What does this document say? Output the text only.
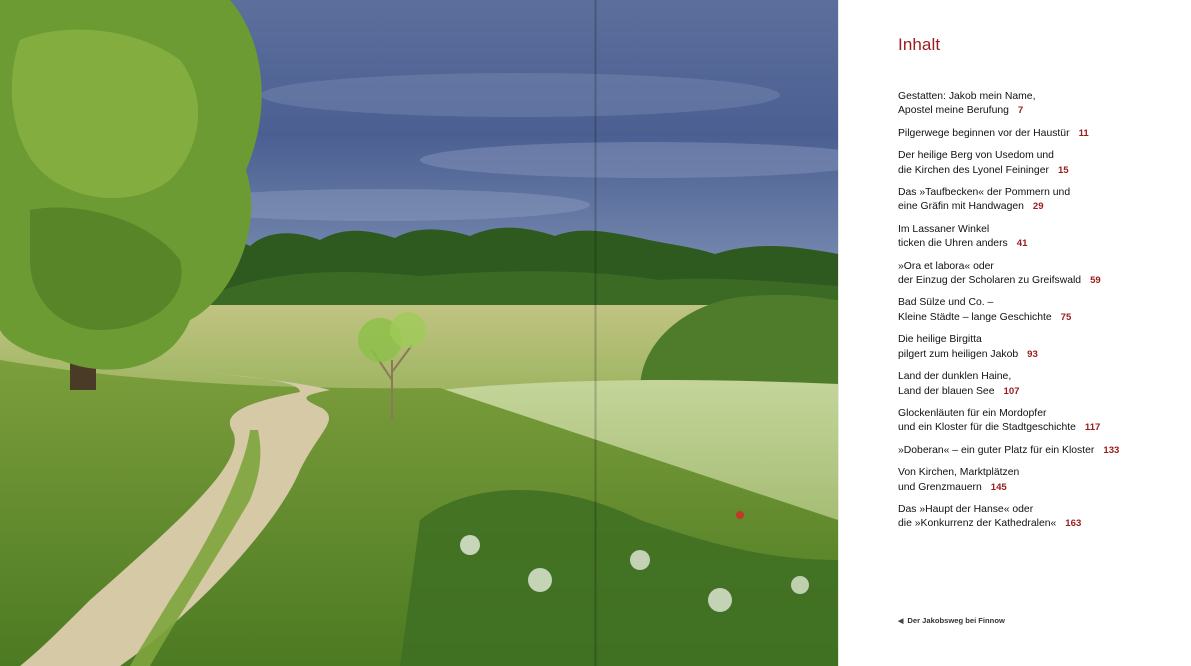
Inhalt
Gestatten: Jakob mein Name,
Apostel meine Berufung 7
Pilgerwege beginnen vor der Haustür 11
Der heilige Berg von Usedom und
die Kirchen des Lyonel Feininger 15
Das »Taufbecken« der Pommern und
eine Gräfin mit Handwagen 29
Im Lassaner Winkel
ticken die Uhren anders 41
»Ora et labora« oder
der Einzug der Scholaren zu Greifswald 59
Bad Sülze und Co. –
Kleine Städte – lange Geschichte 75
Die heilige Birgitta
pilgert zum heiligen Jakob 93
Land der dunklen Haine,
Land der blauen See 107
Glockenläuten für ein Mordopfer
und ein Kloster für die Stadtgeschichte 117
»Doberan« – ein guter Platz für ein Kloster 133
Von Kirchen, Marktplätzen
und Grenzmauern 145
Das »Haupt der Hanse« oder
die »Konkurrenz der Kathedralen« 163
◀ Der Jakobsweg bei Finnow
